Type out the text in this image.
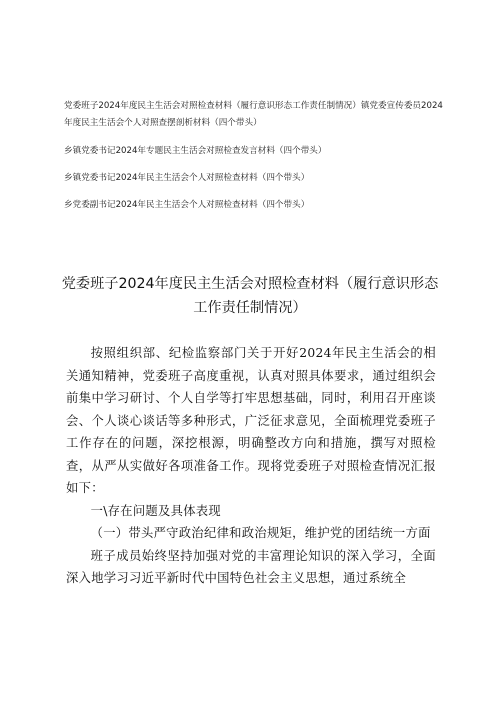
党委班子2024年度民主生活会对照检查材料（履行意识形态工作责任制情况）镇党委宣传委员2024年度民主生活会个人对照查摆剖析材料（四个带头）
乡镇党委书记2024年专题民主生活会对照检查发言材料（四个带头）
乡镇党委书记2024年民主生活会个人对照检查材料（四个带头）
乡党委副书记2024年民主生活会个人对照检查材料（四个带头）
党委班子2024年度民主生活会对照检查材料（履行意识形态工作责任制情况）

按照组织部、纪检监察部门关于开好2024年民主生活会的相关通知精神，党委班子高度重视，认真对照具体要求，通过组织会前集中学习研讨、个人自学等打牢思想基础，同时，利用召开座谈会、个人谈心谈话等多种形式，广泛征求意见，全面梳理党委班子工作存在的问题，深挖根源，明确整改方向和措施，撰写对照检查，从严从实做好各项准备工作。现将党委班子对照检查情况汇报如下：

一\存在问题及具体表现

（一）带头严守政治纪律和政治规矩，维护党的团结统一方面

班子成员始终坚持加强对党的丰富理论知识的深入学习，全面深入地学习习近平新时代中国特色社会主义思想，通过系统全
